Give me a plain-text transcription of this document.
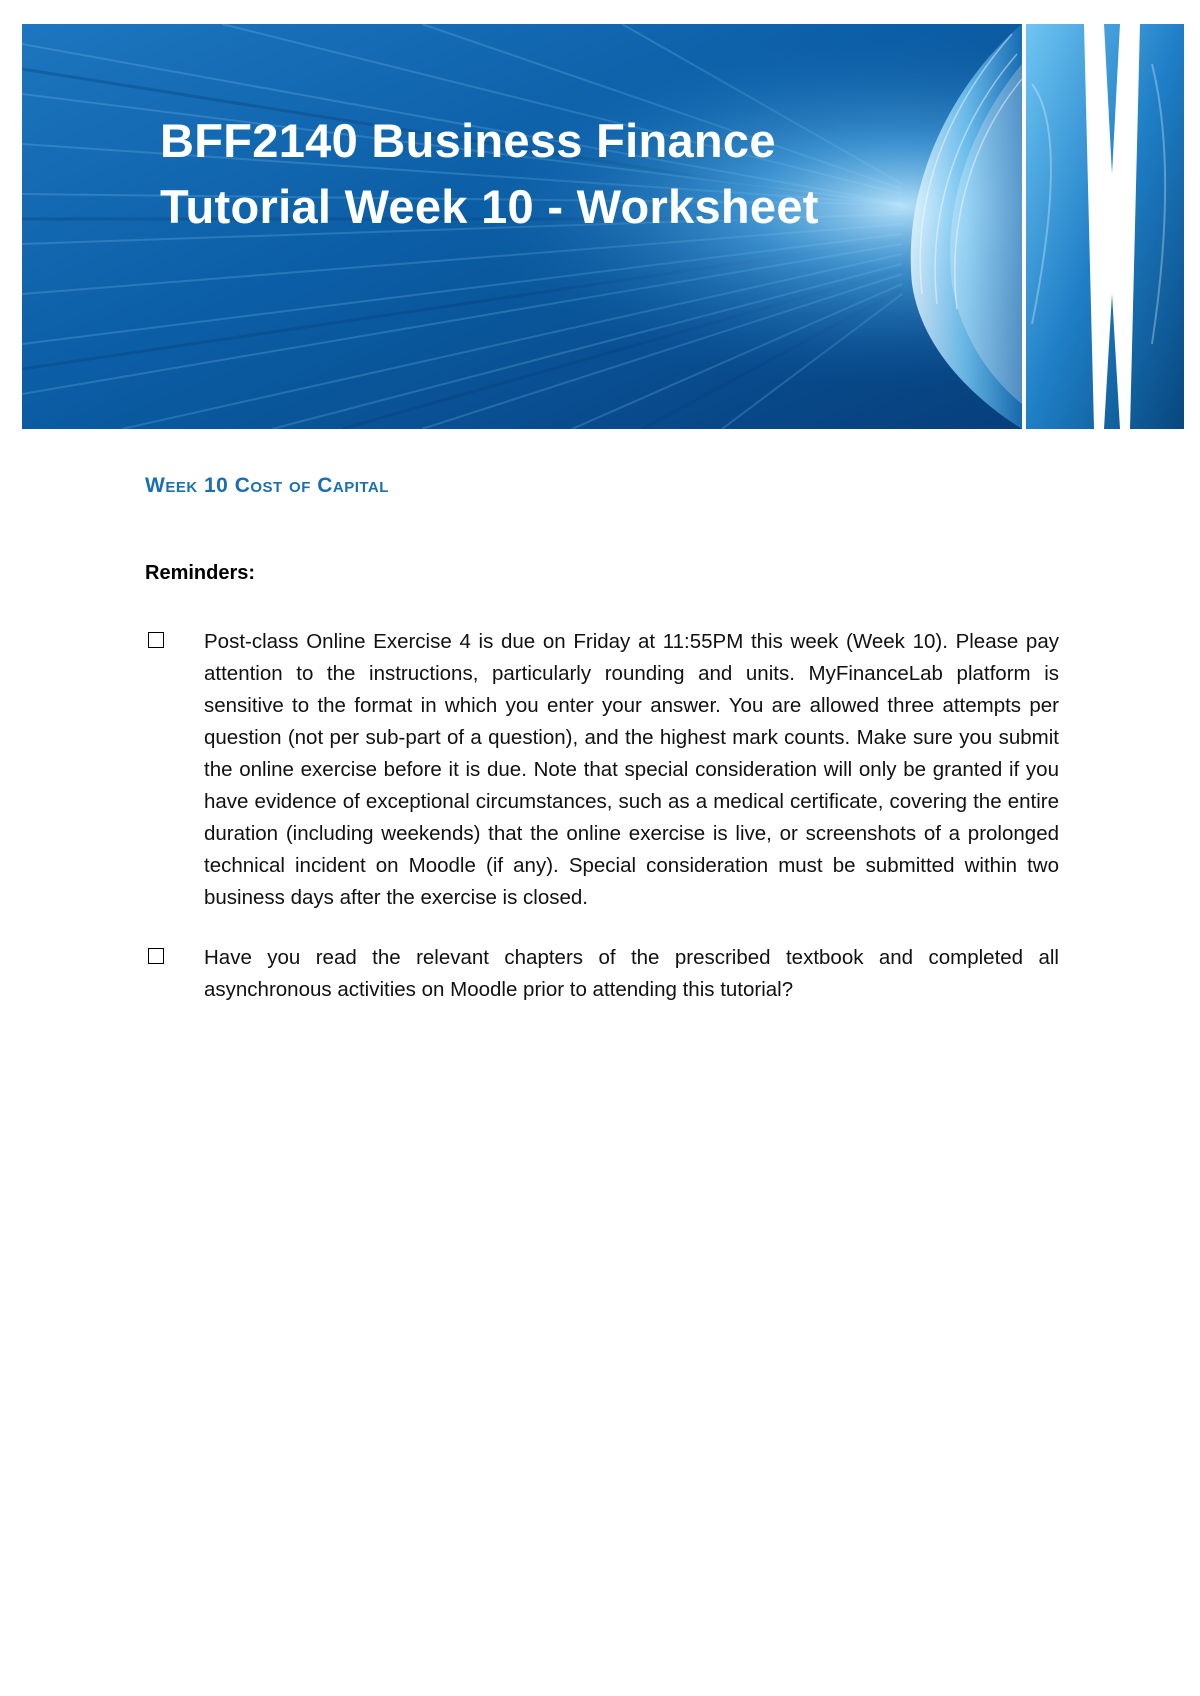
BFF2140 Business Finance
Tutorial Week 10 - Worksheet
Week 10 Cost of Capital

Reminders:

Post-class Online Exercise 4 is due on Friday at 11:55PM this week (Week 10). Please pay attention to the instructions, particularly rounding and units. MyFinanceLab platform is sensitive to the format in which you enter your answer. You are allowed three attempts per question (not per sub-part of a question), and the highest mark counts. Make sure you submit the online exercise before it is due. Note that special consideration will only be granted if you have evidence of exceptional circumstances, such as a medical certificate, covering the entire duration (including weekends) that the online exercise is live, or screenshots of a prolonged technical incident on Moodle (if any). Special consideration must be submitted within two business days after the exercise is closed.
Have you read the relevant chapters of the prescribed textbook and completed all asynchronous activities on Moodle prior to attending this tutorial?
